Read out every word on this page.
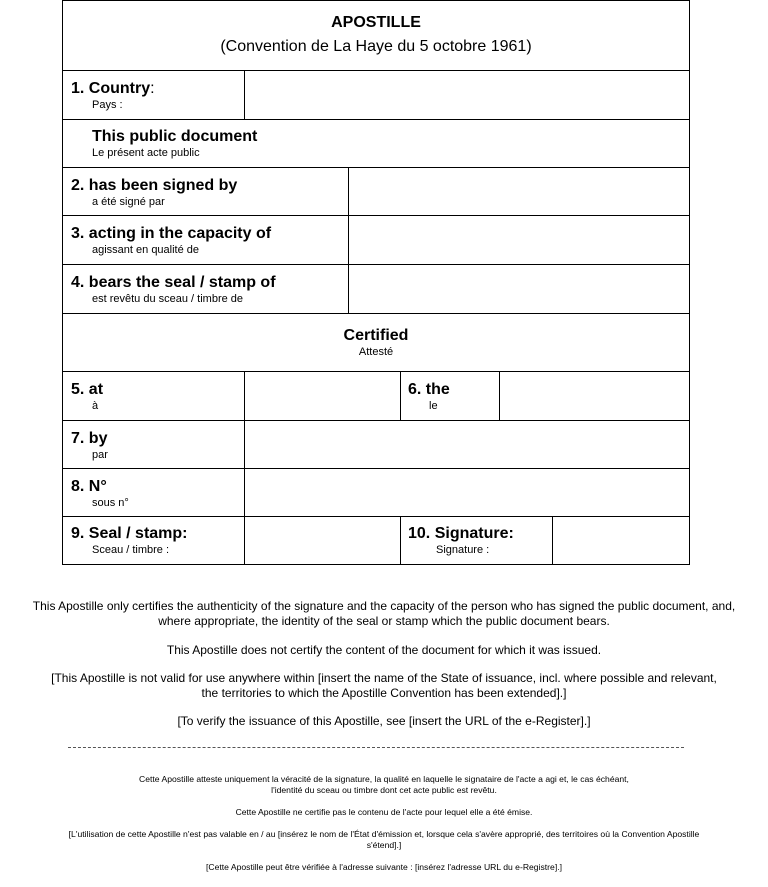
APOSTILLE
(Convention de La Haye du 5 octobre 1961)
1. Country:
Pays :
This public document
Le présent acte public
2. has been signed by
a été signé par
3. acting in the capacity of
agissant en qualité de
4. bears the seal / stamp of
est revêtu du sceau / timbre de
Certified
Attesté
5. at
à
6. the
le
7. by
par
8. N°
sous n°
9. Seal / stamp:
Sceau / timbre :
10. Signature:
Signature :
This Apostille only certifies the authenticity of the signature and the capacity of the person who has signed the public document, and,
where appropriate, the identity of the seal or stamp which the public document bears.
This Apostille does not certify the content of the document for which it was issued.
[This Apostille is not valid for use anywhere within [insert the name of the State of issuance, incl. where possible and relevant,
the territories to which the Apostille Convention has been extended].]
[To verify the issuance of this Apostille, see [insert the URL of the e-Register].]
Cette Apostille atteste uniquement la véracité de la signature, la qualité en laquelle le signataire de l'acte a agi et, le cas échéant,
l'identité du sceau ou timbre dont cet acte public est revêtu.
Cette Apostille ne certifie pas le contenu de l'acte pour lequel elle a été émise.
[L'utilisation de cette Apostille n'est pas valable en / au [insérez le nom de l'État d'émission et, lorsque cela s'avère approprié, des territoires où la Convention Apostille
s'étend].]
[Cette Apostille peut être vérifiée à l'adresse suivante : [insérez l'adresse URL du e-Registre].]
